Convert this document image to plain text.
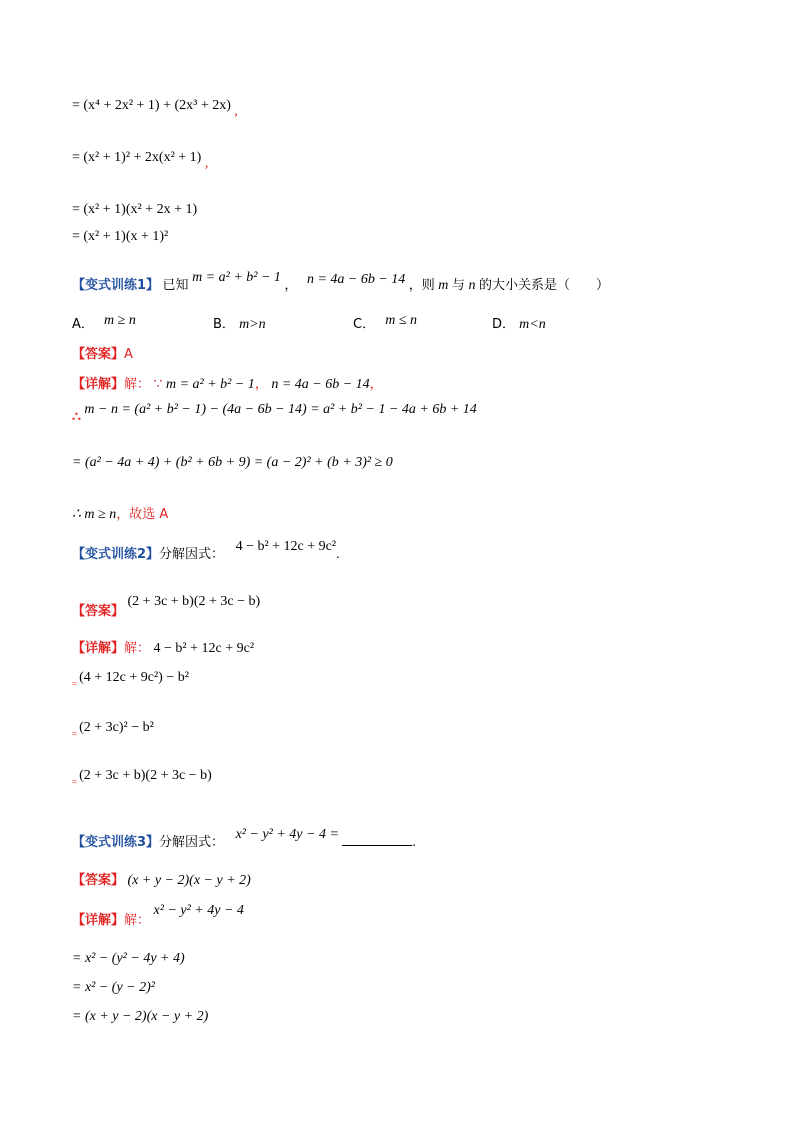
= (x⁴ + 2x² + 1) + (2x³ + 2x) ,
= (x² + 1)² + 2x(x² + 1) ,
= (x² + 1)(x² + 2x + 1)
= (x² + 1)(x + 1)²
【变式训练1】 已知 m = a² + b² − 1 ， n = 4a − 6b − 14 ，则 m 与 n 的大小关系是（　　）
A． m ≥ n	B． m>n	C． m ≤ n	D． m<n
【答案】A
【详解】解： ∵ m = a² + b² − 1， n = 4a − 6b − 14，
∴ m − n = (a² + b² − 1) − (4a − 6b − 14) = a² + b² − 1 − 4a + 6b + 14
= (a² − 4a + 4) + (b² + 6b + 9) = (a − 2)² + (b + 3)² ≥ 0
∴ m ≥ n，故选 A
【变式训练2】分解因式： 4 − b² + 12c + 9c².
【答案】 (2 + 3c + b)(2 + 3c − b)
【详解】解： 4 − b² + 12c + 9c²
$_=$ (4 + 12c + 9c²) − b²
$_=$ (2 + 3c)² − b²
$_=$ (2 + 3c + b)(2 + 3c − b)
【变式训练3】分解因式： x² − y² + 4y − 4 = .
【答案】 (x + y − 2)(x − y + 2)
【详解】解： x² − y² + 4y − 4
= x² − (y² − 4y + 4)
= x² − (y − 2)²
= (x + y − 2)(x − y + 2)
